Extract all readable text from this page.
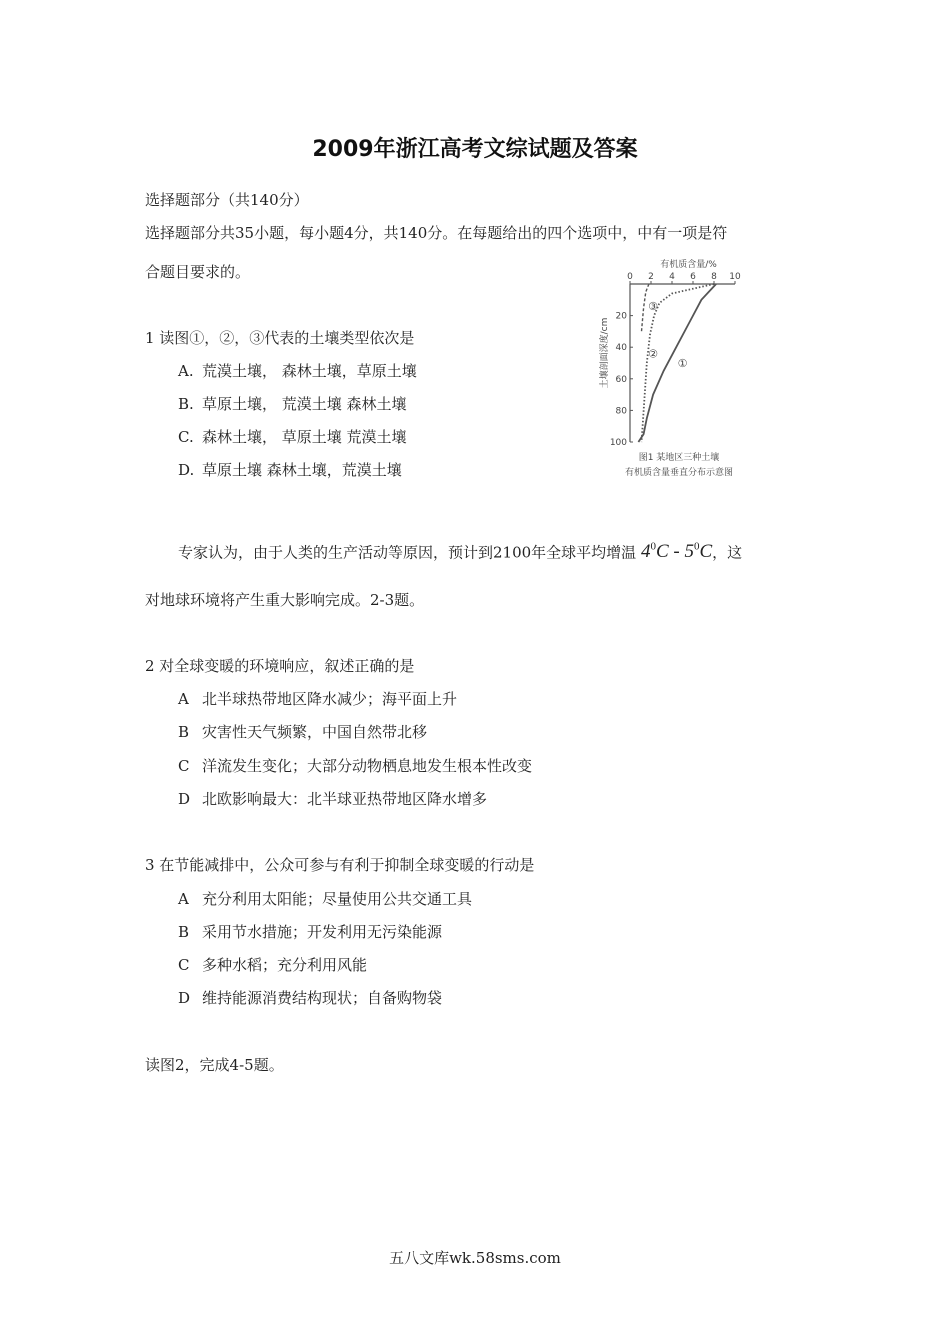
2009年浙江高考文综试题及答案
选择题部分（共140分）
选择题部分共35小题，每小题4分，共140分。在每题给出的四个选项中，中有一项是符
合题目要求的。
1 读图①，②，③代表的土壤类型依次是
A. 荒漠土壤， 森林土壤，草原土壤
B. 草原土壤， 荒漠土壤 森林土壤
C. 森林土壤， 草原土壤 荒漠土壤
D. 草原土壤 森林土壤，荒漠土壤
有机质含量/%
0 2 4 6 8 10
20
40
60
80
100
土壤剖面深度/cm	①
②
③
图1 某地区三种土壤
有机质含量垂直分布示意图
专家认为，由于人类的生产活动等原因，预计到2100年全球平均增温 $4^0C - 5^0C$，这
对地球环境将产生重大影响完成。2-3题。
2 对全球变暖的环境响应，叙述正确的是
A 北半球热带地区降水减少；海平面上升
B 灾害性天气频繁，中国自然带北移
C 洋流发生变化；大部分动物栖息地发生根本性改变
D 北欧影响最大：北半球亚热带地区降水增多
3 在节能减排中，公众可参与有利于抑制全球变暖的行动是
A 充分利用太阳能；尽量使用公共交通工具
B 采用节水措施；开发利用无污染能源
C 多种水稻；充分利用风能
D 维持能源消费结构现状；自备购物袋
读图2，完成4-5题。
五八文库wk.58sms.com
